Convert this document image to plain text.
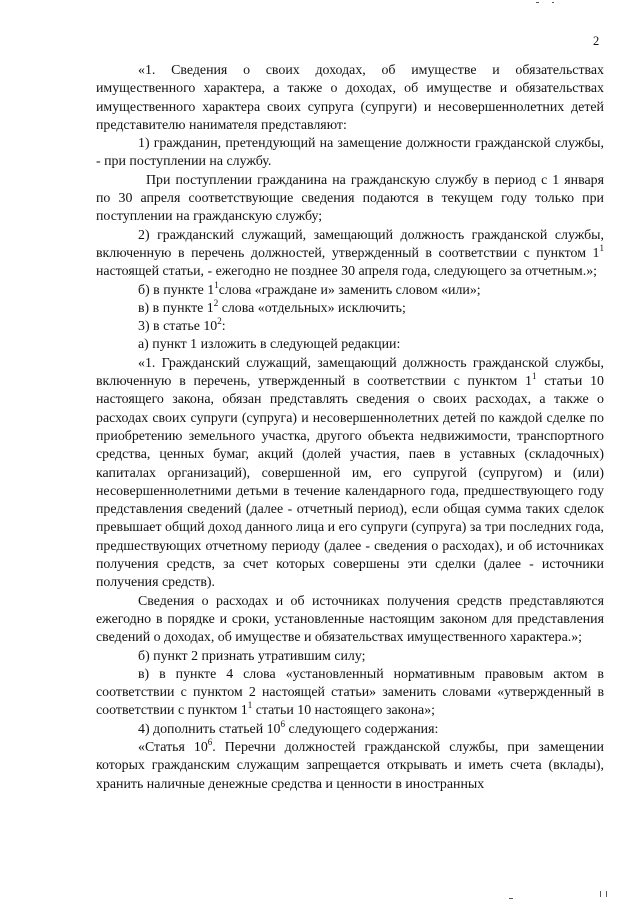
2

«1. Сведения о своих доходах, об имуществе и обязательствах имущественного характера, а также о доходах, об имуществе и обязательствах имущественного характера своих супруга (супруги) и несовершеннолетних детей представителю нанимателя представляют:

1) гражданин, претендующий на замещение должности гражданской службы, - при поступлении на службу.

При поступлении гражданина на гражданскую службу в период с 1 января по 30 апреля соответствующие сведения подаются в текущем году только при поступлении на гражданскую службу;

2) гражданский служащий, замещающий должность гражданской службы, включенную в перечень должностей, утвержденный в соответствии с пунктом $1^1$ настоящей статьи, - ежегодно не позднее 30 апреля года, следующего за отчетным.»;

б) в пункте $1^1слова$ «граждане и» заменить словом «или»;

в) в пункте $1^2$ слова «отдельных» исключить;

3) в статье $10^2$:

а) пункт 1 изложить в следующей редакции:

«1. Гражданский служащий, замещающий должность гражданской службы, включенную в перечень, утвержденный в соответствии с пунктом $1^1$ статьи 10 настоящего закона, обязан представлять сведения о своих расходах, а также о расходах своих супруги (супруга) и несовершеннолетних детей по каждой сделке по приобретению земельного участка, другого объекта недвижимости, транспортного средства, ценных бумаг, акций (долей участия, паев в уставных (складочных) капиталах организаций), совершенной им, его супругой (супругом) и (или) несовершеннолетними детьми в течение календарного года, предшествующего году представления сведений (далее - отчетный период), если общая сумма таких сделок превышает общий доход данного лица и его супруги (супруга) за три последних года, предшествующих отчетному периоду (далее - сведения о расходах), и об источниках получения средств, за счет которых совершены эти сделки (далее - источники получения средств).

Сведения о расходах и об источниках получения средств представляются ежегодно в порядке и сроки, установленные настоящим законом для представления сведений о доходах, об имуществе и обязательствах имущественного характера.»;

б) пункт 2 признать утратившим силу;

в) в пункте 4 слова «установленный нормативным правовым актом в соответствии с пунктом 2 настоящей статьи» заменить словами «утвержденный в соответствии с пунктом $1^1$ статьи 10 настоящего закона»;

4) дополнить статьей $10^6$ следующего содержания:

«Статья $10^6$. Перечни должностей гражданской службы, при замещении которых гражданским служащим запрещается открывать и иметь счета (вклады), хранить наличные денежные средства и ценности в иностранных
